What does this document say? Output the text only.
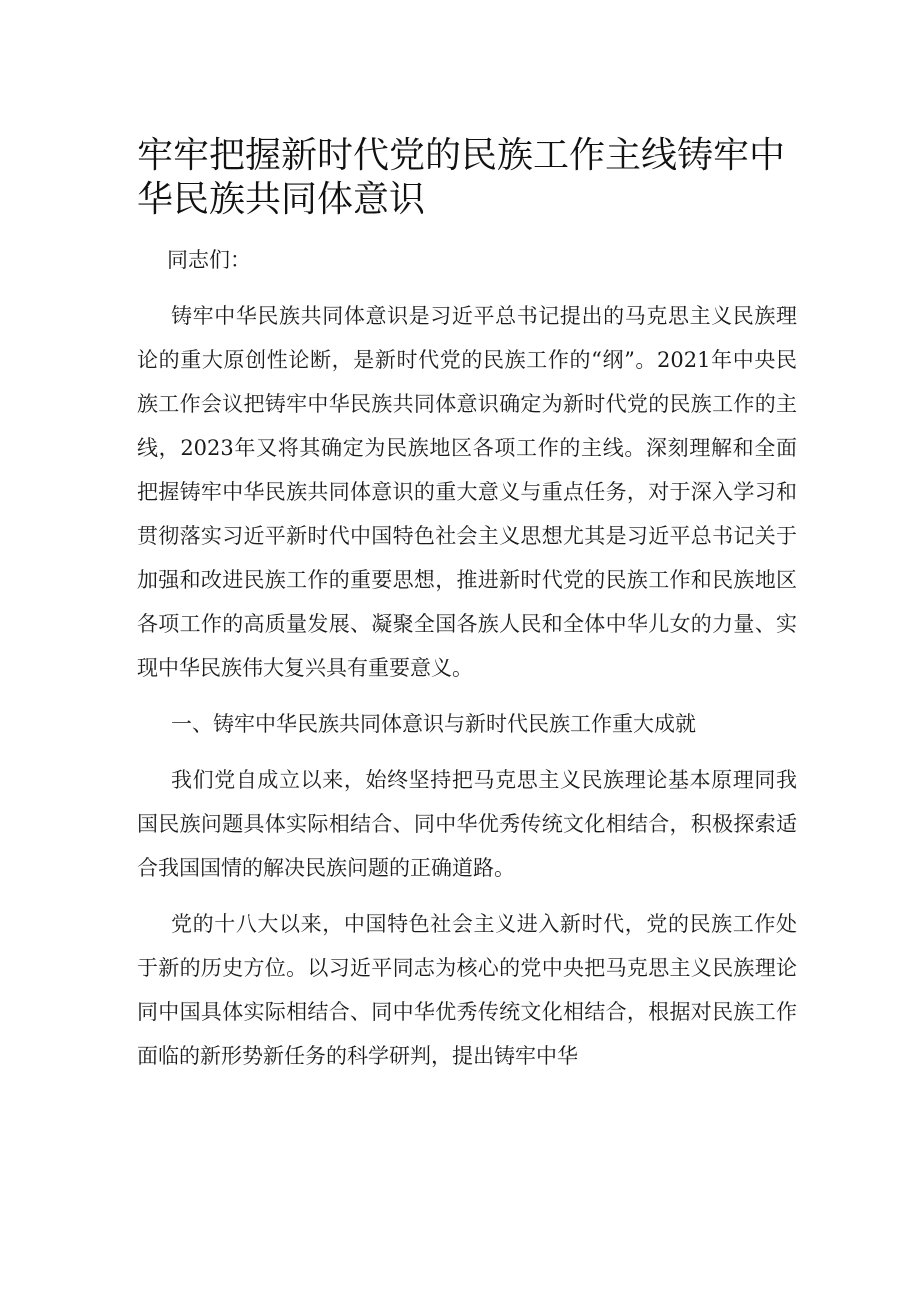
牢牢把握新时代党的民族工作主线铸牢中华民族共同体意识

同志们：

铸牢中华民族共同体意识是习近平总书记提出的马克思主义民族理论的重大原创性论断，是新时代党的民族工作的“纲”。2021年中央民族工作会议把铸牢中华民族共同体意识确定为新时代党的民族工作的主线，2023年又将其确定为民族地区各项工作的主线。深刻理解和全面把握铸牢中华民族共同体意识的重大意义与重点任务，对于深入学习和贯彻落实习近平新时代中国特色社会主义思想尤其是习近平总书记关于加强和改进民族工作的重要思想，推进新时代党的民族工作和民族地区各项工作的高质量发展、凝聚全国各族人民和全体中华儿女的力量、实现中华民族伟大复兴具有重要意义。

一、铸牢中华民族共同体意识与新时代民族工作重大成就

我们党自成立以来，始终坚持把马克思主义民族理论基本原理同我国民族问题具体实际相结合、同中华优秀传统文化相结合，积极探索适合我国国情的解决民族问题的正确道路。

党的十八大以来，中国特色社会主义进入新时代，党的民族工作处于新的历史方位。以习近平同志为核心的党中央把马克思主义民族理论同中国具体实际相结合、同中华优秀传统文化相结合，根据对民族工作面临的新形势新任务的科学研判，提出铸牢中华
